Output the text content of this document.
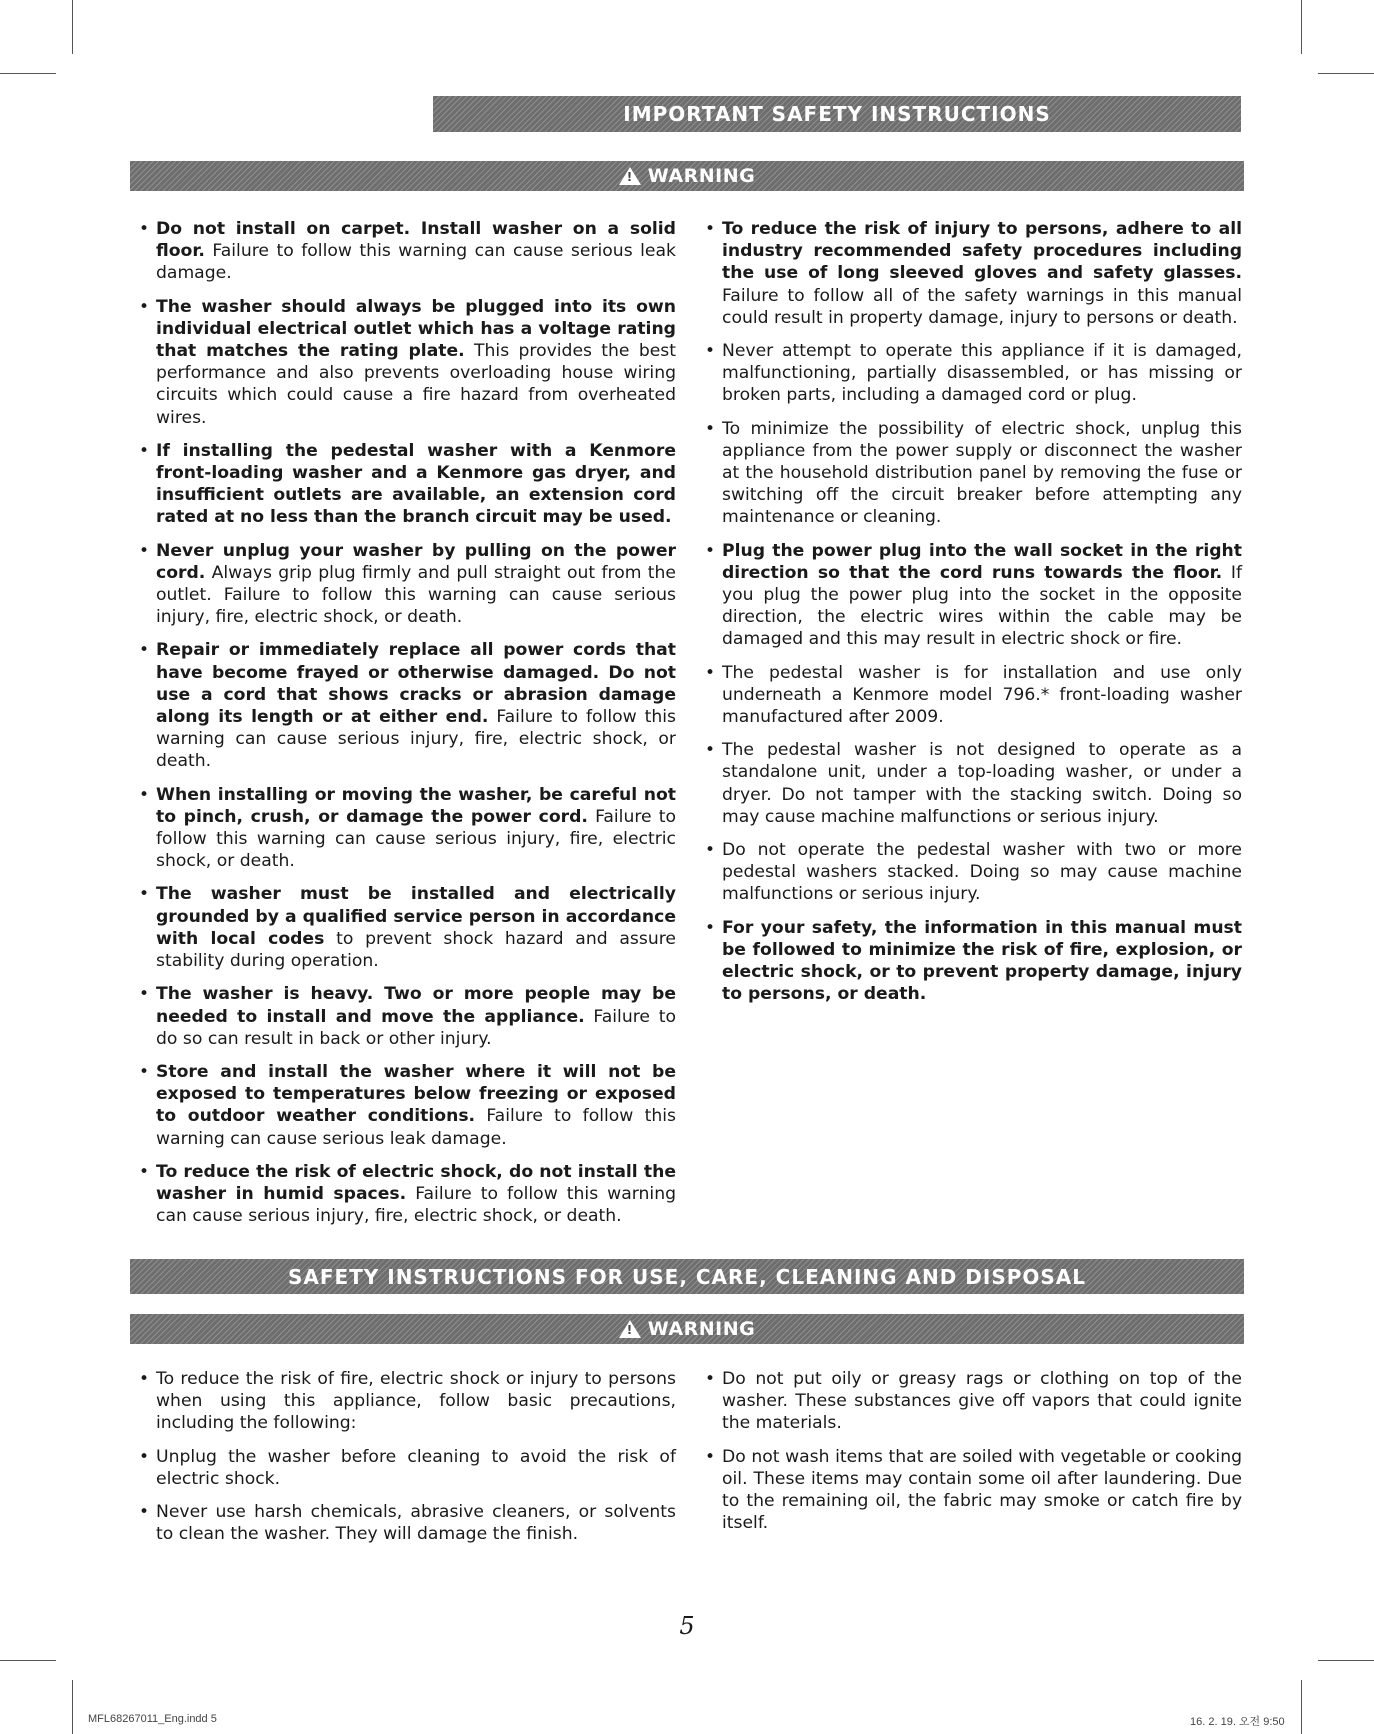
IMPORTANT SAFETY INSTRUCTIONS
!
WARNING
• Do not install on carpet. Install washer on a solid floor. Failure to follow this warning can cause serious leak damage.
• The washer should always be plugged into its own individual electrical outlet which has a voltage rating that matches the rating plate. This provides the best performance and also prevents overloading house wiring circuits which could cause a fire hazard from overheated wires.
• If installing the pedestal washer with a Kenmore front-loading washer and a Kenmore gas dryer, and insufficient outlets are available, an extension cord rated at no less than the branch circuit may be used.
• Never unplug your washer by pulling on the power cord. Always grip plug firmly and pull straight out from the outlet. Failure to follow this warning can cause serious injury, fire, electric shock, or death.
• Repair or immediately replace all power cords that have become frayed or otherwise damaged. Do not use a cord that shows cracks or abrasion damage along its length or at either end. Failure to follow this warning can cause serious injury, fire, electric shock, or death.
• When installing or moving the washer, be careful not to pinch, crush, or damage the power cord. Failure to follow this warning can cause serious injury, fire, electric shock, or death.
• The washer must be installed and electrically grounded by a qualified service person in accordance with local codes to prevent shock hazard and assure stability during operation.
• The washer is heavy. Two or more people may be needed to install and move the appliance. Failure to do so can result in back or other injury.
• Store and install the washer where it will not be exposed to temperatures below freezing or exposed to outdoor weather conditions. Failure to follow this warning can cause serious leak damage.
• To reduce the risk of electric shock, do not install the washer in humid spaces. Failure to follow this warning can cause serious injury, fire, electric shock, or death.
• To reduce the risk of injury to persons, adhere to all industry recommended safety procedures including the use of long sleeved gloves and safety glasses. Failure to follow all of the safety warnings in this manual could result in property damage, injury to persons or death.
• Never attempt to operate this appliance if it is damaged, malfunctioning, partially disassembled, or has missing or broken parts, including a damaged cord or plug.
• To minimize the possibility of electric shock, unplug this appliance from the power supply or disconnect the washer at the household distribution panel by removing the fuse or switching off the circuit breaker before attempting any maintenance or cleaning.
• Plug the power plug into the wall socket in the right direction so that the cord runs towards the floor. If you plug the power plug into the socket in the opposite direction, the electric wires within the cable may be damaged and this may result in electric shock or fire.
• The pedestal washer is for installation and use only underneath a Kenmore model 796.* front-loading washer manufactured after 2009.
• The pedestal washer is not designed to operate as a standalone unit, under a top-loading washer, or under a dryer. Do not tamper with the stacking switch. Doing so may cause machine malfunctions or serious injury.
• Do not operate the pedestal washer with two or more pedestal washers stacked. Doing so may cause machine malfunctions or serious injury.
• For your safety, the information in this manual must be followed to minimize the risk of fire, explosion, or electric shock, or to prevent property damage, injury to persons, or death.
SAFETY INSTRUCTIONS FOR USE, CARE, CLEANING AND DISPOSAL
!
WARNING
• To reduce the risk of fire, electric shock or injury to persons when using this appliance, follow basic precautions, including the following:
• Unplug the washer before cleaning to avoid the risk of electric shock.
• Never use harsh chemicals, abrasive cleaners, or solvents to clean the washer. They will damage the finish.
• Do not put oily or greasy rags or clothing on top of the washer. These substances give off vapors that could ignite the materials.
• Do not wash items that are soiled with vegetable or cooking oil. These items may contain some oil after laundering. Due to the remaining oil, the fabric may smoke or catch fire by itself.
5
MFL68267011_Eng.indd 5	16. 2. 19. 오전 9:50
